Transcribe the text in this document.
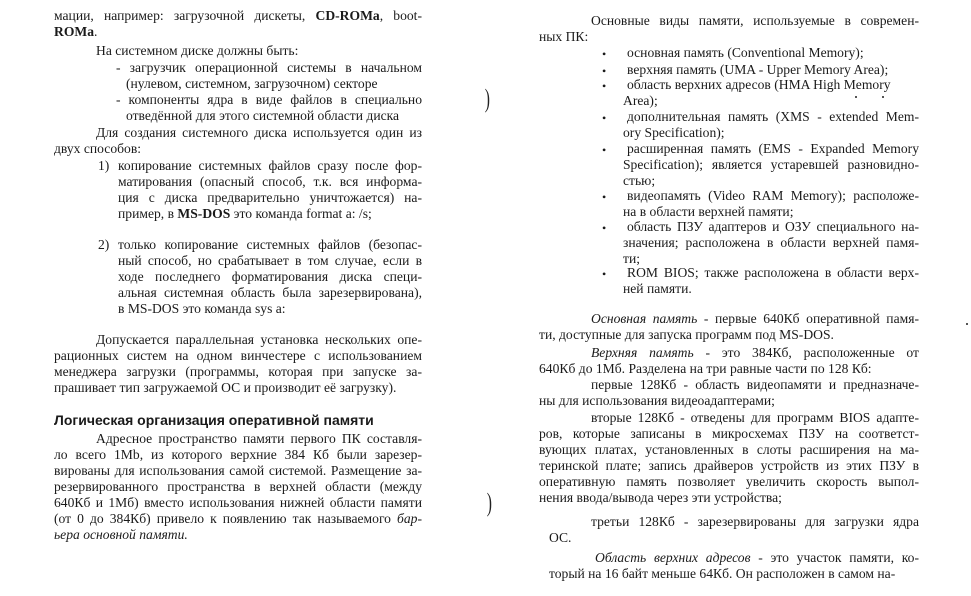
мации, например: загрузочной дискеты, CD-ROMa, boot-
ROMa.
На системном диске должны быть:
- загрузчик операционной системы в начальном
(нулевом, системном, загрузочном) секторе
- компоненты ядра в виде файлов в специально
отведённой для этого системной области диска
Для создания системного диска используется один из
двух способов:
1) копирование системных файлов сразу после фор-
матирования (опасный способ, т.к. вся информа-
ция с диска предварительно уничтожается) на-
пример, в MS-DOS это команда format a: /s;
2) только копирование системных файлов (безопас-
ный способ, но срабатывает в том случае, если в
ходе последнего форматирования диска специ-
альная системная область была зарезервирована),
в MS-DOS это команда sys a:
Допускается параллельная установка нескольких опе-
рационных систем на одном винчестере с использованием
менеджера загрузки (программы, которая при запуске за-
прашивает тип загружаемой ОС и производит её загрузку).
Логическая организация оперативной памяти
Адресное пространство памяти первого ПК составля-
ло всего 1Mb, из которого верхние 384 Кб были зарезер-
вированы для использования самой системой. Размещение за-
резервированного пространства в верхней области (между
640Кб и 1Мб) вместо использования нижней области памяти
(от 0 до 384Кб) привело к появлению так называемого бар-
ьера основной памяти.
)
)
Основные виды памяти, используемые в современ-
ных ПК:
• основная память (Conventional Memory);
• верхняя память (UMA - Upper Memory Area);
• область верхних адресов (HMA High Memory
Area);
• дополнительная память (XMS - extended Mem-
ory Specification);
• расширенная память (EMS - Expanded Memory
Specification); является устаревшей разновидно-
стью;
• видеопамять (Video RAM Memory); расположе-
на в области верхней памяти;
• область ПЗУ адаптеров и ОЗУ специального на-
значения; расположена в области верхней памя-
ти;
• ROM BIOS; также расположена в области верх-
ней памяти.
Основная память - первые 640Кб оперативной памя-
ти, доступные для запуска программ под MS-DOS.
Верхняя память - это 384Кб, расположенные от
640Кб до 1Мб. Разделена на три равные части по 128 Кб:
первые 128Кб - область видеопамяти и предназначе-
ны для использования видеоадаптерами;
вторые 128Кб - отведены для программ BIOS адапте-
ров, которые записаны в микросхемах ПЗУ на соответст-
вующих платах, установленных в слоты расширения на ма-
теринской плате; запись драйверов устройств из этих ПЗУ в
оперативную память позволяет увеличить скорость выпол-
нения ввода/вывода через эти устройства;
третьи 128Кб - зарезервированы для загрузки ядра
ОС.
Область верхних адресов - это участок памяти, ко-
торый на 16 байт меньше 64Кб. Он расположен в самом на-
